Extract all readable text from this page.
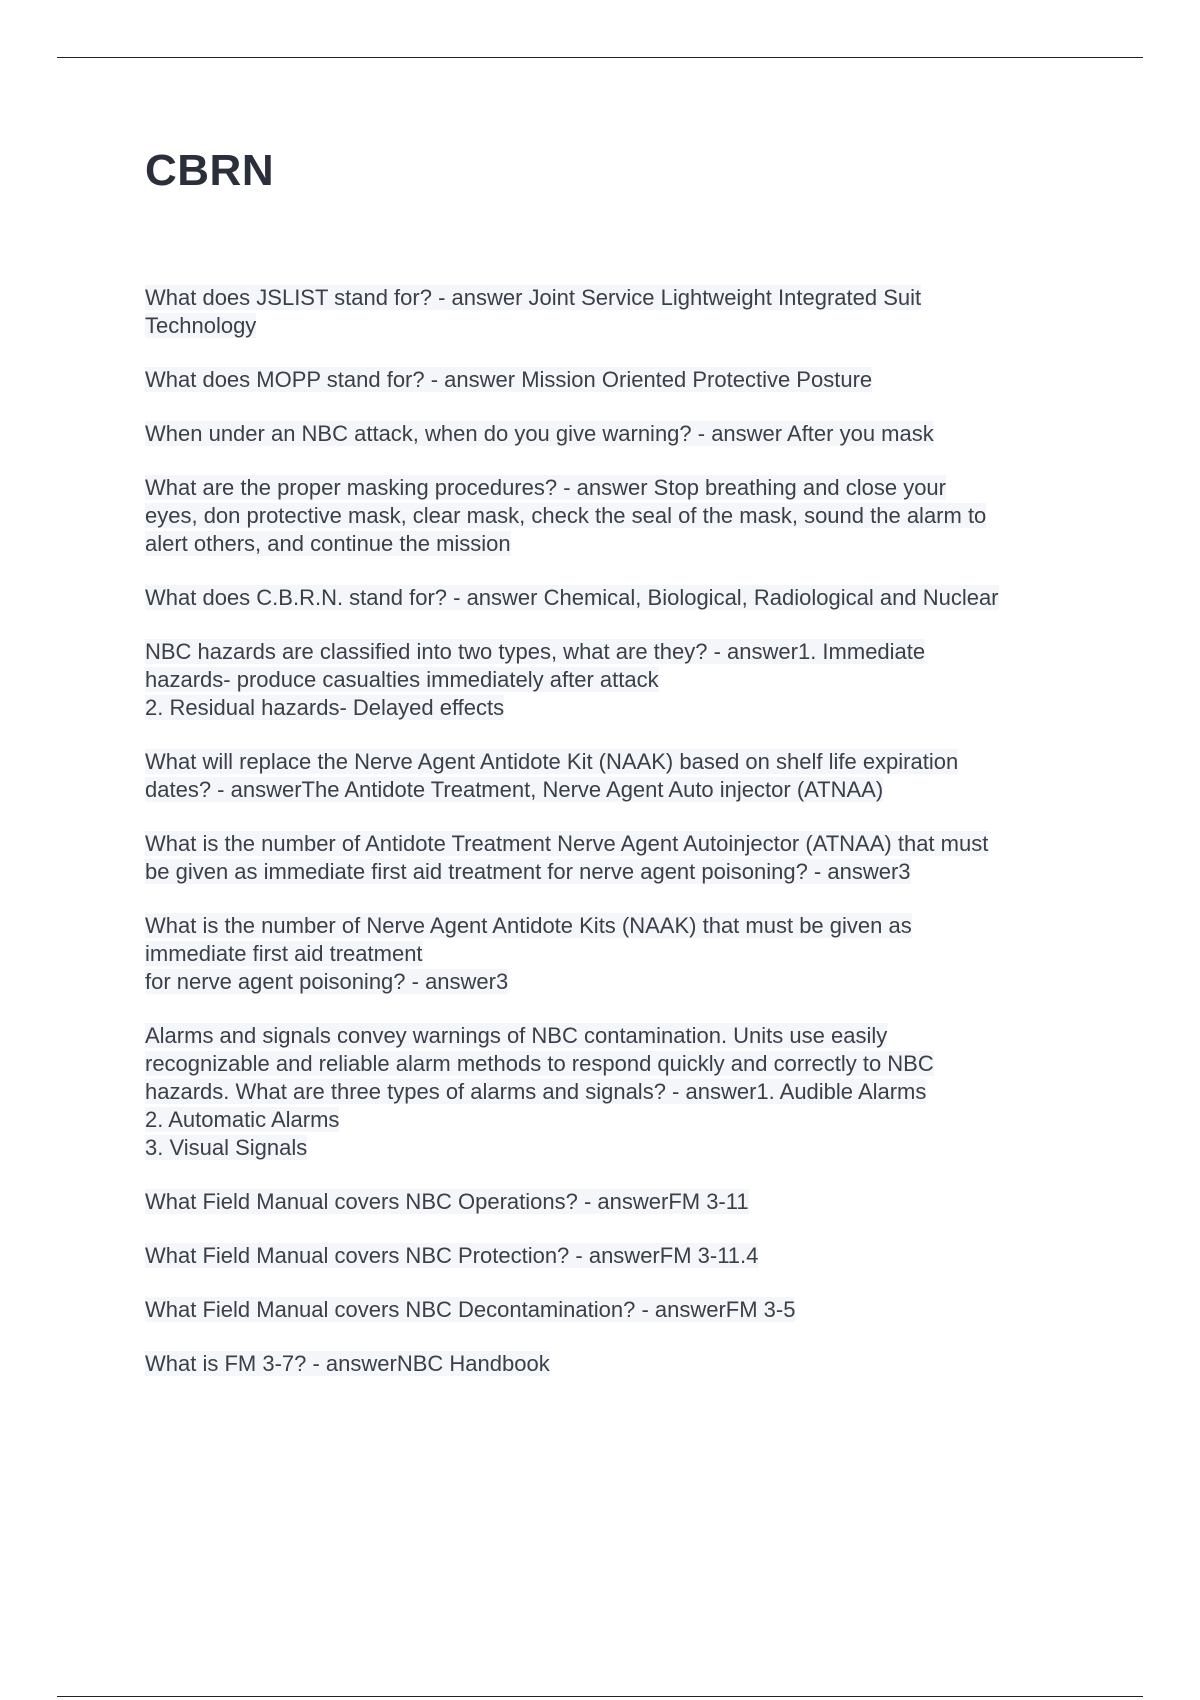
CBRN
What does JSLIST stand for? - answer Joint Service Lightweight Integrated Suit
Technology
What does MOPP stand for? - answer Mission Oriented Protective Posture
When under an NBC attack, when do you give warning? - answer After you mask
What are the proper masking procedures? - answer Stop breathing and close your
eyes, don protective mask, clear mask, check the seal of the mask, sound the alarm to
alert others, and continue the mission
What does C.B.R.N. stand for? - answer Chemical, Biological, Radiological and Nuclear
NBC hazards are classified into two types, what are they? - answer1. Immediate
hazards- produce casualties immediately after attack
2. Residual hazards- Delayed effects
What will replace the Nerve Agent Antidote Kit (NAAK) based on shelf life expiration
dates? - answerThe Antidote Treatment, Nerve Agent Auto injector (ATNAA)
What is the number of Antidote Treatment Nerve Agent Autoinjector (ATNAA) that must
be given as immediate first aid treatment for nerve agent poisoning? - answer3
What is the number of Nerve Agent Antidote Kits (NAAK) that must be given as
immediate first aid treatment
for nerve agent poisoning? - answer3
Alarms and signals convey warnings of NBC contamination. Units use easily
recognizable and reliable alarm methods to respond quickly and correctly to NBC
hazards. What are three types of alarms and signals? - answer1. Audible Alarms
2. Automatic Alarms
3. Visual Signals
What Field Manual covers NBC Operations? - answerFM 3-11
What Field Manual covers NBC Protection? - answerFM 3-11.4
What Field Manual covers NBC Decontamination? - answerFM 3-5
What is FM 3-7? - answerNBC Handbook
